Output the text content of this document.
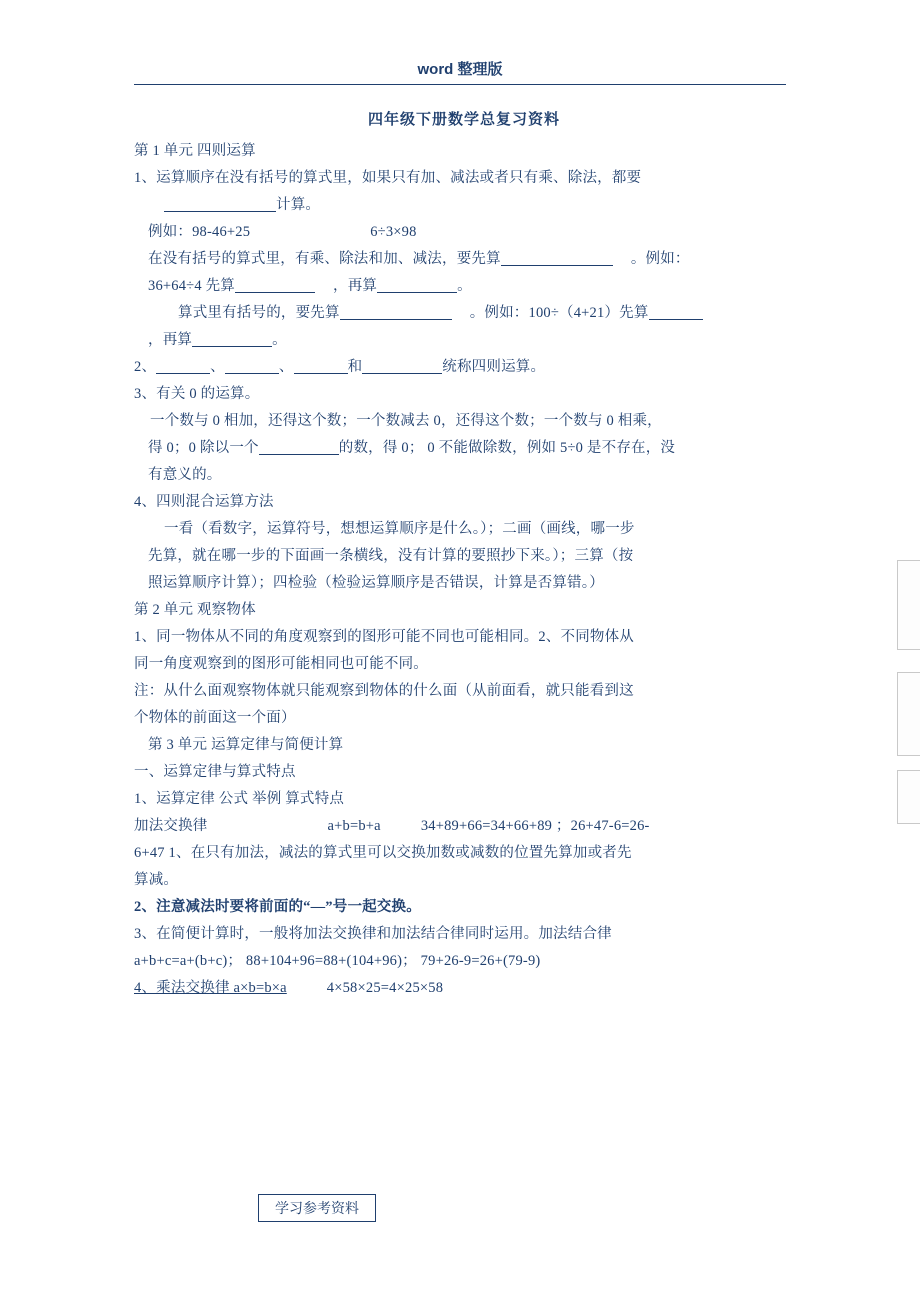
word 整理版
四年级下册数学总复习资料

第 1 单元 四则运算

1、运算顺序在没有括号的算式里，如果只有加、减法或者只有乘、除法，都要

计算。

例如：98-46+25	6÷3×98

在没有括号的算式里，有乘、除法和加、减法，要先算	。例如：

36+64÷4 先算	，再算	。

算式里有括号的，要先算	。例如：100÷（4+21）先算

，再算	。

2、	、	、	和	统称四则运算。

3、有关 0 的运算。

一个数与 0 相加，还得这个数；一个数减去 0，还得这个数；一个数与 0 相乘，

得 0；0 除以一个	的数，得 0； 0 不能做除数，例如 5÷0 是不存在，没

有意义的。

4、四则混合运算方法

一看（看数字，运算符号，想想运算顺序是什么。）；二画（画线，哪一步

先算，就在哪一步的下面画一条横线，没有计算的要照抄下来。）；三算（按

照运算顺序计算）；四检验（检验运算顺序是否错误，计算是否算错。）

第 2 单元 观察物体

1、同一物体从不同的角度观察到的图形可能不同也可能相同。2、不同物体从

同一角度观察到的图形可能相同也可能不同。

注：从什么面观察物体就只能观察到物体的什么面（从前面看，就只能看到这

个物体的前面这一个面）

第 3 单元 运算定律与简便计算

一、运算定律与算式特点

1、运算定律 公式 举例 算式特点

加法交换律	a+b=b+a	34+89+66=34+66+89 ；26+47-6=26-

6+47 1、在只有加法，减法的算式里可以交换加数或减数的位置先算加或者先

算减。

2、注意减法时要将前面的“—”号一起交换。

3、在简便计算时，一般将加法交换律和加法结合律同时运用。加法结合律

a+b+c=a+(b+c)； 88+104+96=88+(104+96)； 79+26-9=26+(79-9)

4、乘法交换律 a×b=b×a	4×58×25=4×25×58

学习参考资料
